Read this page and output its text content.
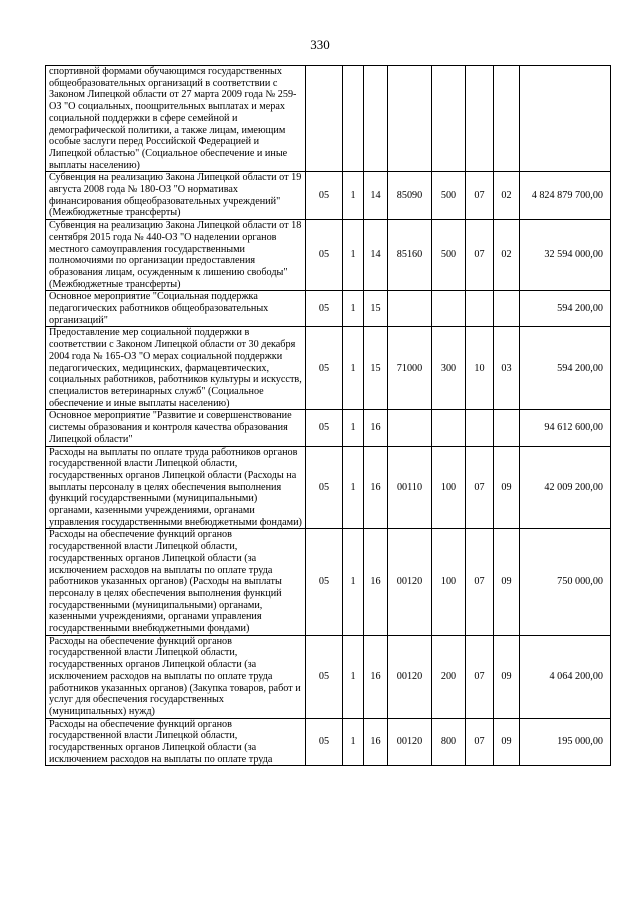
330
спортивной формами обучающимся государственных общеобразовательных организаций в соответствии с Законом Липецкой области от 27 марта 2009 года № 259-ОЗ "О социальных, поощрительных выплатах и мерах социальной поддержки в сфере семейной и демографической политики, а также лицам, имеющим особые заслуги перед Российской Федерацией и Липецкой областью" (Социальное обеспечение и иные выплаты населению)								
Субвенция на реализацию Закона Липецкой области от 19 августа 2008 года № 180-ОЗ "О нормативах финансирования общеобразовательных учреждений" (Межбюджетные трансферты)	05	1	14	85090	500	07	02	4 824 879 700,00
Субвенция на реализацию Закона Липецкой области от 18 сентября 2015 года № 440-ОЗ "О наделении органов местного самоуправления государственными полномочиями по организации предоставления образования лицам, осужденным к лишению свободы" (Межбюджетные трансферты)	05	1	14	85160	500	07	02	32 594 000,00
Основное мероприятие "Социальная поддержка педагогических работников общеобразовательных организаций"	05	1	15					594 200,00
Предоставление мер социальной поддержки в соответствии с Законом Липецкой области от 30 декабря 2004 года № 165-ОЗ "О мерах социальной поддержки педагогических, медицинских, фармацевтических, социальных работников, работников культуры и искусств, специалистов ветеринарных служб" (Социальное обеспечение и иные выплаты населению)	05	1	15	71000	300	10	03	594 200,00
Основное мероприятие "Развитие и совершенствование системы образования и контроля качества образования Липецкой области"	05	1	16					94 612 600,00
Расходы на выплаты по оплате труда работников органов государственной власти Липецкой области, государственных органов Липецкой области (Расходы на выплаты персоналу в целях обеспечения выполнения функций государственными (муниципальными) органами, казенными учреждениями, органами управления государственными внебюджетными фондами)	05	1	16	00110	100	07	09	42 009 200,00
Расходы на обеспечение функций органов государственной власти Липецкой области, государственных органов Липецкой области (за исключением расходов на выплаты по оплате труда работников указанных органов) (Расходы на выплаты персоналу в целях обеспечения выполнения функций государственными (муниципальными) органами, казенными учреждениями, органами управления государственными внебюджетными фондами)	05	1	16	00120	100	07	09	750 000,00
Расходы на обеспечение функций органов государственной власти Липецкой области, государственных органов Липецкой области (за исключением расходов на выплаты по оплате труда работников указанных органов) (Закупка товаров, работ и услуг для обеспечения государственных (муниципальных) нужд)	05	1	16	00120	200	07	09	4 064 200,00
Расходы на обеспечение функций органов государственной власти Липецкой области, государственных органов Липецкой области (за исключением расходов на выплаты по оплате труда	05	1	16	00120	800	07	09	195 000,00
